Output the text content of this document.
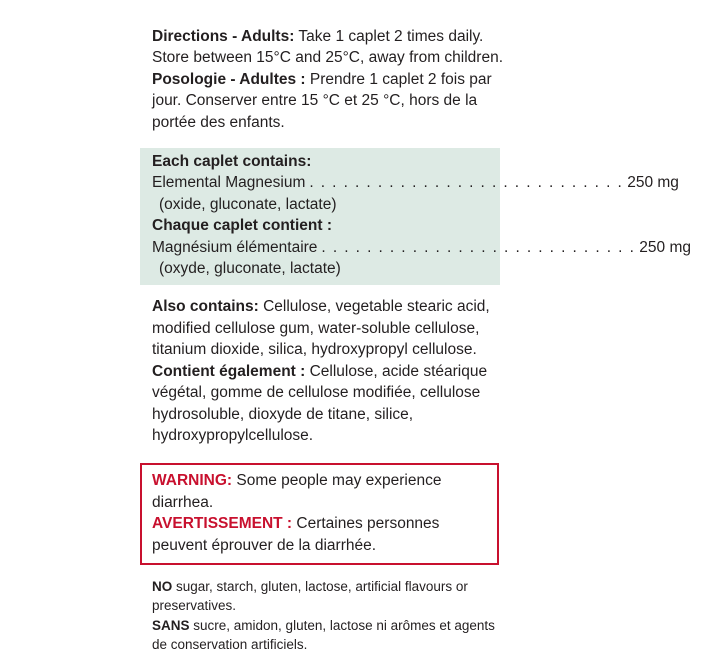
Directions - Adults: Take 1 caplet 2 times daily. Store between 15°C and 25°C, away from children.

Posologie - Adultes : Prendre 1 caplet 2 fois par jour. Conserver entre 15 °C et 25 °C, hors de la portée des enfants.

Each caplet contains:

Elemental Magnesium . . . . . . . . . . . . . . . . . . . . . . . . . . . . 250 mg

(oxide, gluconate, lactate)

Chaque caplet contient :

Magnésium élémentaire . . . . . . . . . . . . . . . . . . . . . . . . . . . . 250 mg

(oxyde, gluconate, lactate)

Also contains: Cellulose, vegetable stearic acid, modified cellulose gum, water-soluble cellulose, titanium dioxide, silica, hydroxypropyl cellulose.

Contient également : Cellulose, acide stéarique végétal, gomme de cellulose modifiée, cellulose hydrosoluble, dioxyde de titane, silice, hydroxypropylcellulose.

WARNING: Some people may experience diarrhea.

AVERTISSEMENT : Certaines personnes peuvent éprouver de la diarrhée.

NO sugar, starch, gluten, lactose, artificial flavours or preservatives.

SANS sucre, amidon, gluten, lactose ni arômes et agents de conservation artificiels.
